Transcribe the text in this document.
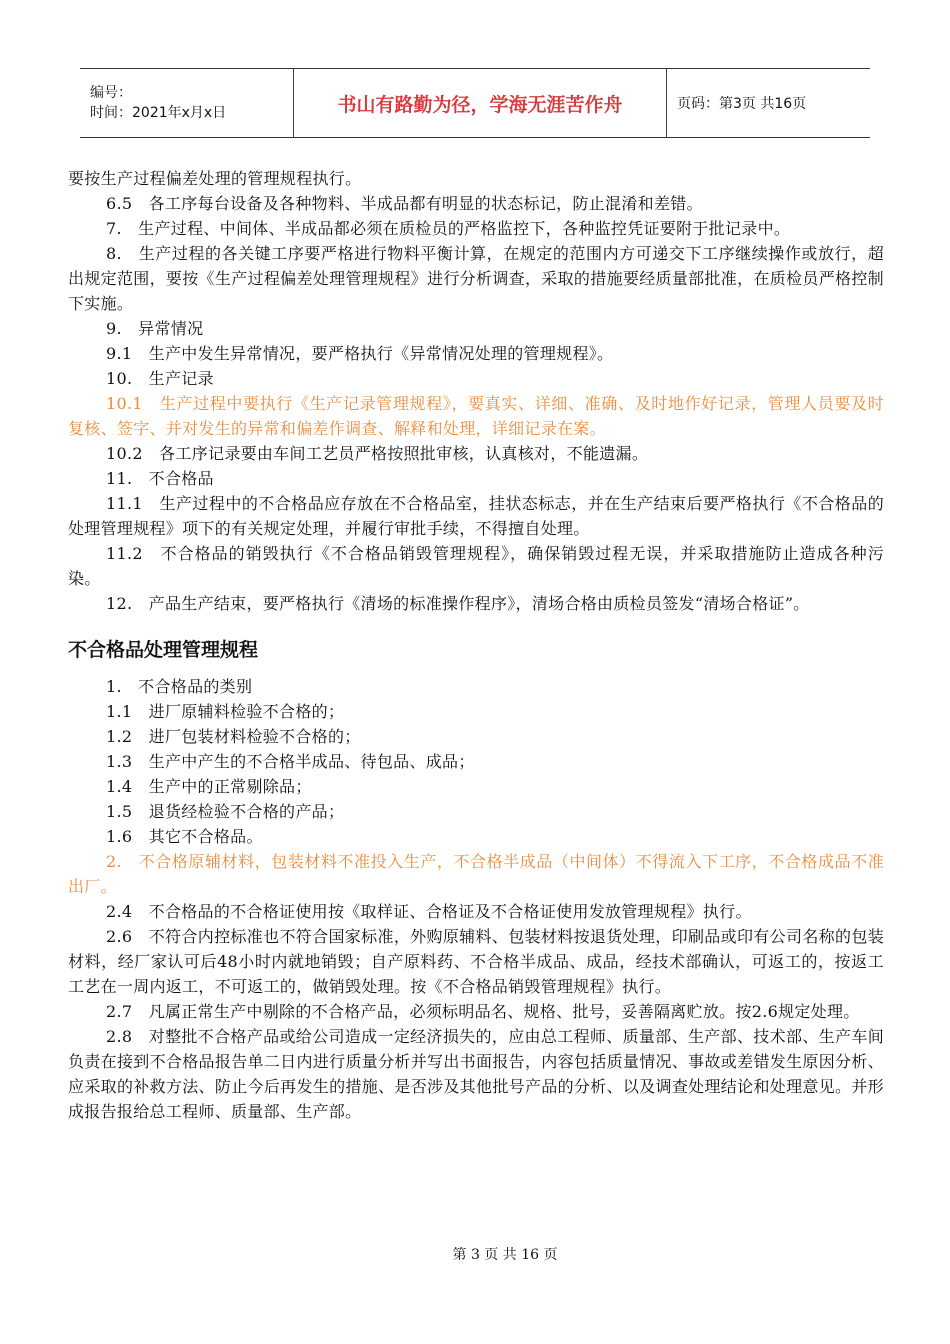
编号：
时间：2021年x月x日	书山有路勤为径，学海无涯苦作舟	页码：第3页 共16页

要按生产过程偏差处理的管理规程执行。

6.5　各工序每台设备及各种物料、半成品都有明显的状态标记，防止混淆和差错。

7.　生产过程、中间体、半成品都必须在质检员的严格监控下，各种监控凭证要附于批记录中。

8.　生产过程的各关键工序要严格进行物料平衡计算，在规定的范围内方可递交下工序继续操作或放行，超出规定范围，要按《生产过程偏差处理管理规程》进行分析调查，采取的措施要经质量部批准，在质检员严格控制下实施。

9.　异常情况

9.1　生产中发生异常情况，要严格执行《异常情况处理的管理规程》。

10.　生产记录

10.1　生产过程中要执行《生产记录管理规程》，要真实、详细、准确、及时地作好记录，管理人员要及时复核、签字、并对发生的异常和偏差作调查、解释和处理，详细记录在案。

10.2　各工序记录要由车间工艺员严格按照批审核，认真核对，不能遗漏。

11.　不合格品

11.1　生产过程中的不合格品应存放在不合格品室，挂状态标志，并在生产结束后要严格执行《不合格品的处理管理规程》项下的有关规定处理，并履行审批手续，不得擅自处理。

11.2　不合格品的销毁执行《不合格品销毁管理规程》，确保销毁过程无误，并采取措施防止造成各种污染。

12.　产品生产结束，要严格执行《清场的标准操作程序》，清场合格由质检员签发“清场合格证”。

不合格品处理管理规程

1.　不合格品的类别

1.1　进厂原辅料检验不合格的；

1.2　进厂包装材料检验不合格的；

1.3　生产中产生的不合格半成品、待包品、成品；

1.4　生产中的正常剔除品；

1.5　退货经检验不合格的产品；

1.6　其它不合格品。

2.　不合格原辅材料，包装材料不准投入生产，不合格半成品（中间体）不得流入下工序，不合格成品不准出厂。

2.4　不合格品的不合格证使用按《取样证、合格证及不合格证使用发放管理规程》执行。

2.6　不符合内控标准也不符合国家标准，外购原辅料、包装材料按退货处理，印刷品或印有公司名称的包装材料，经厂家认可后48小时内就地销毁；自产原料药、不合格半成品、成品，经技术部确认，可返工的，按返工工艺在一周内返工，不可返工的，做销毁处理。按《不合格品销毁管理规程》执行。

2.7　凡属正常生产中剔除的不合格产品，必须标明品名、规格、批号，妥善隔离贮放。按2.6规定处理。

2.8　对整批不合格产品或给公司造成一定经济损失的，应由总工程师、质量部、生产部、技术部、生产车间负责在接到不合格品报告单二日内进行质量分析并写出书面报告，内容包括质量情况、事故或差错发生原因分析、应采取的补救方法、防止今后再发生的措施、是否涉及其他批号产品的分析、以及调查处理结论和处理意见。并形成报告报给总工程师、质量部、生产部。

第 3 页 共 16 页
